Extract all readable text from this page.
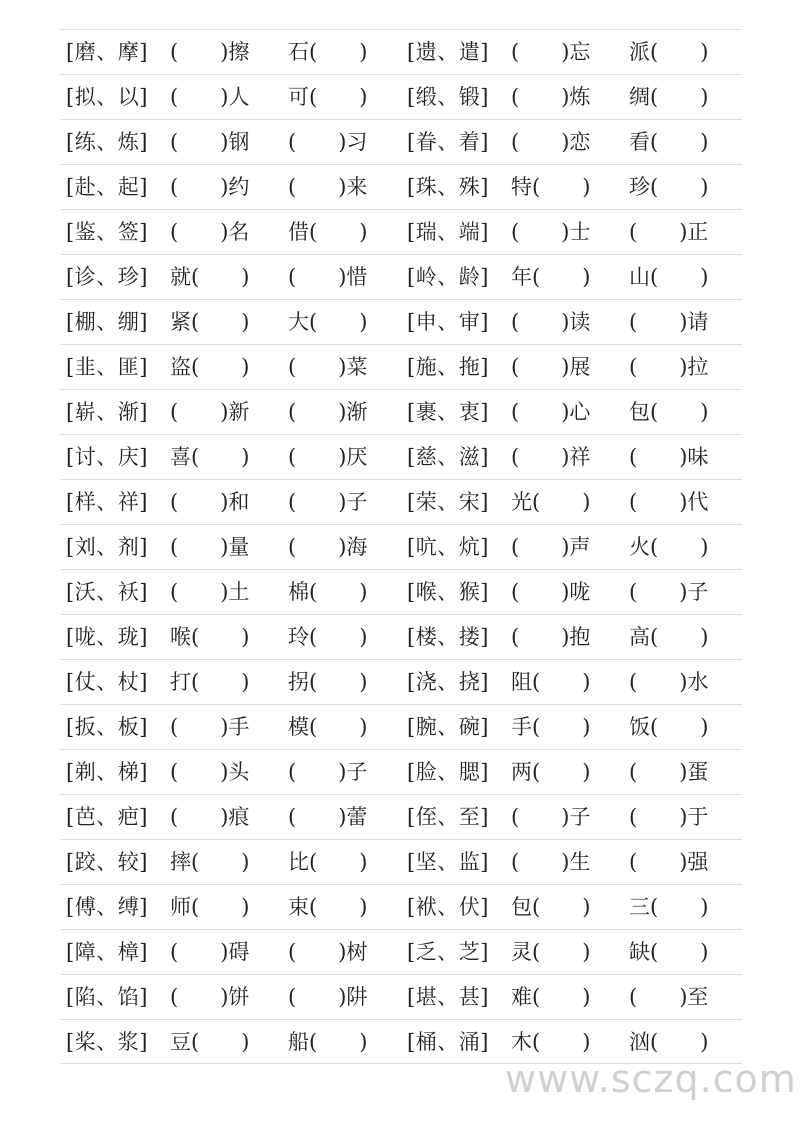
[磨、摩] (　　)擦 石(　　)	[遗、遣] (　　)忘 派(　　)
[拟、以] (　　)人 可(　　)	[缎、锻] (　　)炼 绸(　　)
[练、炼] (　　)钢 (　　)习	[眷、着] (　　)恋 看(　　)
[赴、起] (　　)约 (　　)来	[珠、殊] 特(　　) 珍(　　)
[鉴、签] (　　)名 借(　　)	[瑞、端] (　　)士 (　　)正
[诊、珍] 就(　　) (　　)惜	[岭、龄] 年(　　) 山(　　)
[棚、绷] 紧(　　) 大(　　)	[申、审] (　　)读 (　　)请
[韭、匪] 盗(　　) (　　)菜	[施、拖] (　　)展 (　　)拉
[崭、渐] (　　)新 (　　)渐	[裹、衷] (　　)心 包(　　)
[讨、庆] 喜(　　) (　　)厌	[慈、滋] (　　)祥 (　　)味
[样、祥] (　　)和 (　　)子	[荣、宋] 光(　　) (　　)代
[刘、剂] (　　)量 (　　)海	[吭、炕] (　　)声 火(　　)
[沃、袄] (　　)土 棉(　　)	[喉、猴] (　　)咙 (　　)子
[咙、珑] 喉(　　) 玲(　　)	[楼、搂] (　　)抱 高(　　)
[仗、杖] 打(　　) 拐(　　)	[浇、挠] 阻(　　) (　　)水
[扳、板] (　　)手 模(　　)	[腕、碗] 手(　　) 饭(　　)
[剃、梯] (　　)头 (　　)子	[脸、腮] 两(　　) (　　)蛋
[芭、疤] (　　)痕 (　　)蕾	[侄、至] (　　)子 (　　)于
[跤、较] 摔(　　) 比(　　)	[坚、监] (　　)生 (　　)强
[傅、缚] 师(　　) 束(　　)	[袱、伏] 包(　　) 三(　　)
[障、樟] (　　)碍 (　　)树	[乏、芝] 灵(　　) 缺(　　)
[陷、馅] (　　)饼 (　　)阱	[堪、甚] 难(　　) (　　)至
[桨、浆] 豆(　　) 船(　　)	[桶、涌] 木(　　) 汹(　　)
www.sczq.com
